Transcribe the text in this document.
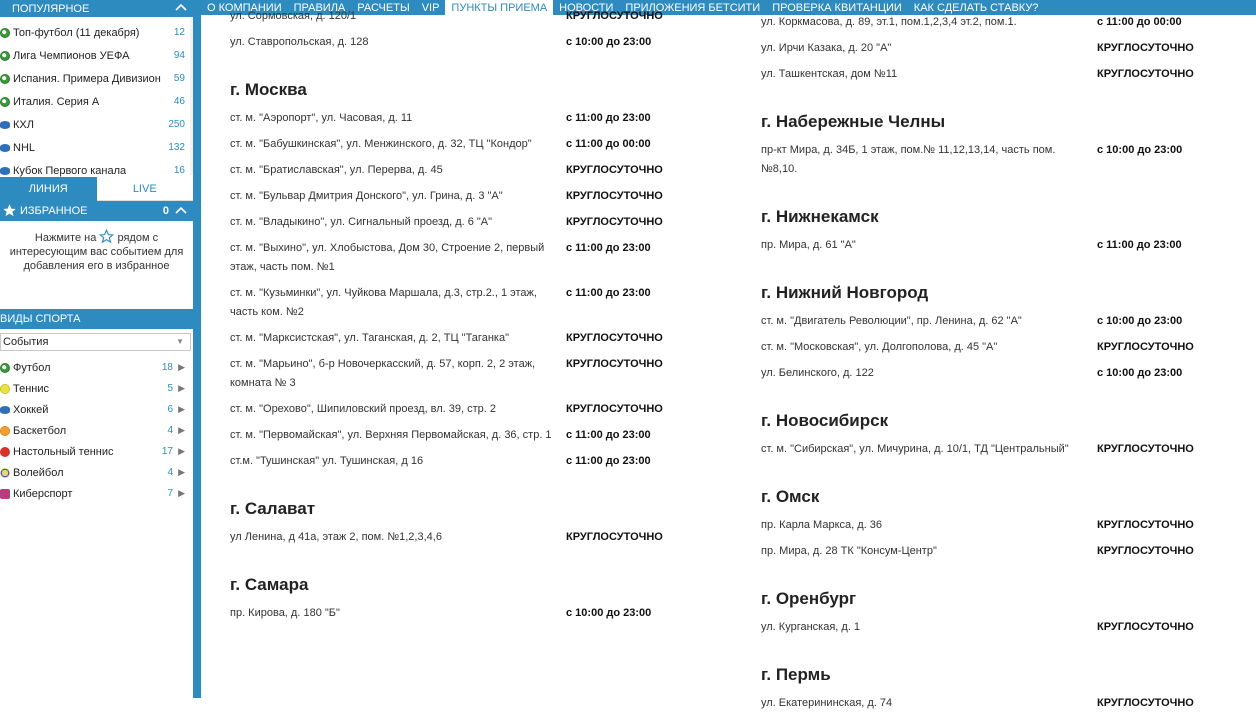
ПОПУЛЯРНОЕ
Топ-футбол (11 декабря)	12
Лига Чемпионов УЕФА	94
Испания. Примера Дивизион 59
Италия. Серия А	46
КХЛ	250
NHL	132
Кубок Первого канала	16
ЛИНИЯ	LIVE
ИЗБРАННОЕ	0
Нажмите на рядом с интересующим вас событием для добавления его в избранное
ВИДЫ СПОРТА
События	▼
Футбол	18 ▶
Теннис	5 ▶
Хоккей	6 ▶
Баскетбол	4 ▶
Настольный теннис	17 ▶
Волейбол	4 ▶
Киберспорт	7 ▶
О КОМПАНИИ	ПРАВИЛА	РАСЧЕТЫ	VIP	ПУНКТЫ ПРИЕМА	НОВОСТИ	ПРИЛОЖЕНИЯ БЕТСИТИ	ПРОВЕРКА КВИТАНЦИИ	КАК СДЕЛАТЬ СТАВКУ?
ул. Сормовская, д. 120/1	КРУГЛОСУТОЧНО
ул. Ставропольская, д. 128	с 10:00 до 23:00
г. Москва
ст. м. "Аэропорт", ул. Часовая, д. 11	с 11:00 до 23:00
ст. м. "Бабушкинская", ул. Менжинского, д. 32, ТЦ "Кондор"	с 11:00 до 00:00
ст. м. "Братиславская", ул. Перерва, д. 45	КРУГЛОСУТОЧНО
ст. м. "Бульвар Дмитрия Донского", ул. Грина, д. 3 "А"	КРУГЛОСУТОЧНО
ст. м. "Владыкино", ул. Сигнальный проезд, д. 6 "А"	КРУГЛОСУТОЧНО
ст. м. "Выхино", ул. Хлобыстова, Дом 30, Строение 2, первый этаж, часть пом. №1
с 11:00 до 23:00
ст. м. "Кузьминки", ул. Чуйкова Маршала, д.3, стр.2., 1 этаж, часть ком. №2
с 11:00 до 23:00
ст. м. "Марксистская", ул. Таганская, д. 2, ТЦ "Таганка"	КРУГЛОСУТОЧНО
ст. м. "Марьино", б-р Новочеркасский, д. 57, корп. 2, 2 этаж, комната № 3
КРУГЛОСУТОЧНО
ст. м. "Орехово", Шипиловский проезд, вл. 39, стр. 2	КРУГЛОСУТОЧНО
ст. м. "Первомайская", ул. Верхняя Первомайская, д. 36, стр. 1	с 11:00 до 23:00
ст.м. "Тушинская" ул. Тушинская, д 16	с 11:00 до 23:00
г. Салават
ул Ленина, д 41а, этаж 2, пом. №1,2,3,4,6	КРУГЛОСУТОЧНО
г. Самара
пр. Кирова, д. 180 "Б"	с 10:00 до 23:00
ул. Коркмасова, д. 89, эт.1, пом.1,2,3,4 эт.2, пом.1.	с 11:00 до 00:00
ул. Ирчи Казака, д. 20 "А"	КРУГЛОСУТОЧНО
ул. Ташкентская, дом №11	КРУГЛОСУТОЧНО
г. Набережные Челны
пр-кт Мира, д. 34Б, 1 этаж, пом.№ 11,12,13,14, часть пом. №8,10.
с 10:00 до 23:00
г. Нижнекамск
пр. Мира, д. 61 "А"	с 11:00 до 23:00
г. Нижний Новгород
ст. м. "Двигатель Революции", пр. Ленина, д. 62 "А"	с 10:00 до 23:00
ст. м. "Московская", ул. Долгополова, д. 45 "А"	КРУГЛОСУТОЧНО
ул. Белинского, д. 122	с 10:00 до 23:00
г. Новосибирск
ст. м. "Сибирская", ул. Мичурина, д. 10/1, ТД "Центральный"	КРУГЛОСУТОЧНО
г. Омск
пр. Карла Маркса, д. 36	КРУГЛОСУТОЧНО
пр. Мира, д. 28 ТК "Консум-Центр"	КРУГЛОСУТОЧНО
г. Оренбург
ул. Курганская, д. 1	КРУГЛОСУТОЧНО
г. Пермь
ул. Екатерининская, д. 74	КРУГЛОСУТОЧНО
